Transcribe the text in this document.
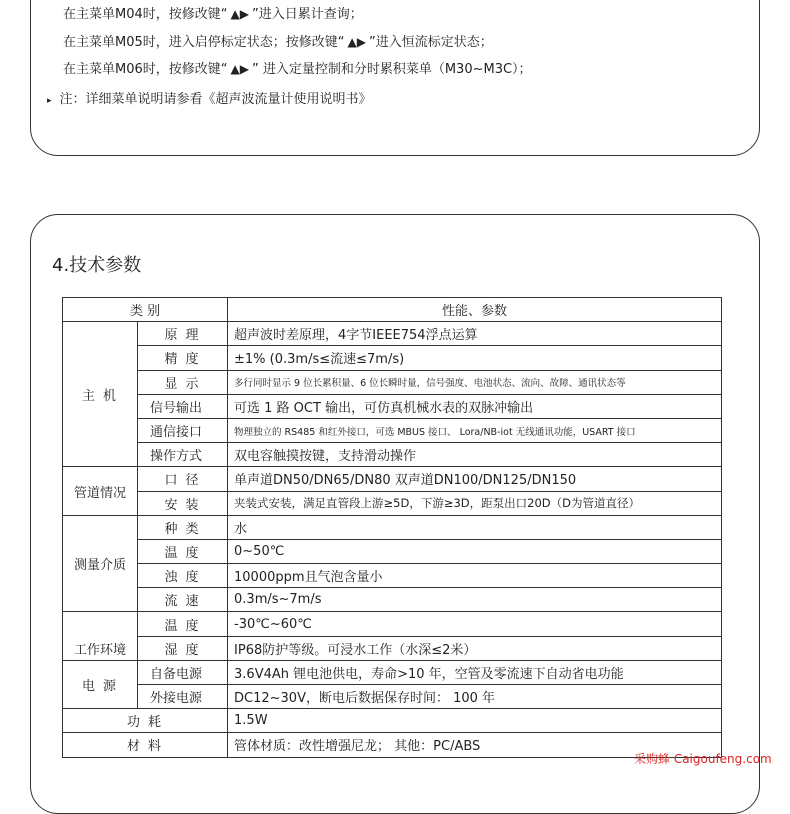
在主菜单M04时，按修改键“ ▲▶ ”进入日累计查询；
在主菜单M05时，进入启停标定状态；按修改键“ ▲▶ ”进入恒流标定状态；
在主菜单M06时，按修改键“ ▲▶ ” 进入定量控制和分时累积菜单（M30~M3C）；
▸ 注：详细菜单说明请参看《超声波流量计使用说明书》
4.技术参数
类 别		性能、参数
主 机	原 理	超声波时差原理，4字节IEEE754浮点运算
	精 度	±1% (0.3m/s≤流速≤7m/s)
	显 示	多行同时显示 9 位长累积量、6 位长瞬时量，信号强度、电池状态、流向、故障、通讯状态等
	信号输出	可选 1 路 OCT 输出，可仿真机械水表的双脉冲输出
	通信接口	物理独立的 RS485 和红外接口，可选 MBUS 接口、 Lora/NB-iot 无线通讯功能，USART 接口
	操作方式	双电容触摸按键，支持滑动操作
管道情况	口 径	单声道DN50/DN65/DN80 双声道DN100/DN125/DN150
	安 装	夹装式安装，满足直管段上游≥5D，下游≥3D，距泵出口20D（D为管道直径）
测量介质	种 类	水
	温 度	0~50℃
	浊 度	10000ppm且气泡含量小
	流 速	0.3m/s~7m/s
工作环境	温 度	-30℃~60℃
	湿 度	IP68防护等级。可浸水工作（水深≤2米）
电 源	自备电源	3.6V4Ah 锂电池供电，寿命>10 年，空管及零流速下自动省电功能
	外接电源	DC12~30V，断电后数据保存时间： 100 年
功 耗		1.5W
材 料		管体材质：改性增强尼龙； 其他：PC/ABS
采购蜂 Caigoufeng.com
